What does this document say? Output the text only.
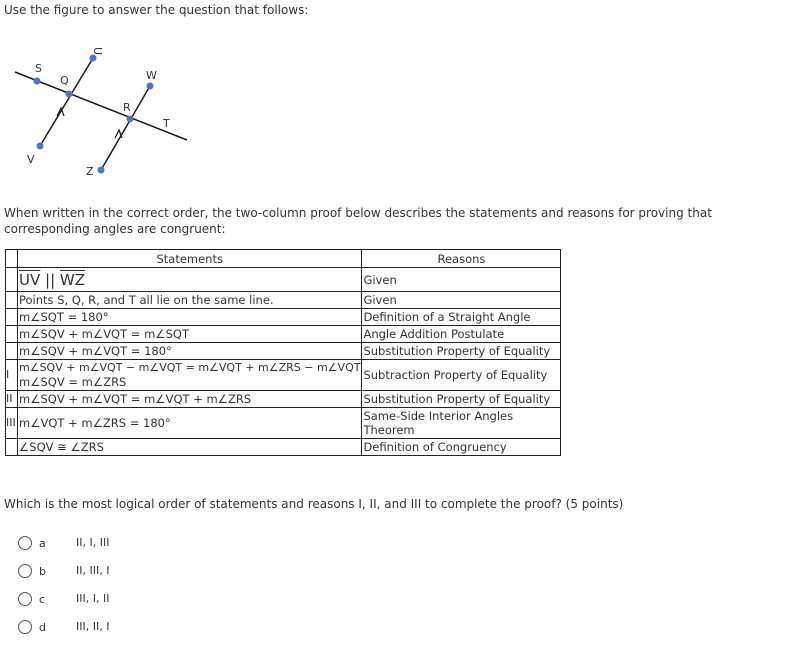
Use the figure to answer the question that follows:
S
Q
U
W
R
T
V
Z
When written in the correct order, the two-column proof below describes the statements and reasons for proving that corresponding angles are congruent:
	Statements	Reasons
	$\overline{UV}$ || $\overline{WZ}$	Given
	Points S, Q, R, and T all lie on the same line.	Given
	m∠SQT = 180°	Definition of a Straight Angle
	m∠SQV + m∠VQT = m∠SQT	Angle Addition Postulate
	m∠SQV + m∠VQT = 180°	Substitution Property of Equality
I	m∠SQV + m∠VQT − m∠VQT = m∠VQT + m∠ZRS − m∠VQT
m∠SQV = m∠ZRS	Subtraction Property of Equality
II	m∠SQV + m∠VQT = m∠VQT + m∠ZRS	Substitution Property of Equality
III	m∠VQT + m∠ZRS = 180°	Same-Side Interior Angles Theorem
	∠SQV ≅ ∠ZRS	Definition of Congruency
Which is the most logical order of statements and reasons I, II, and III to complete the proof? (5 points)
a	II, I, III
b	II, III, I
c	III, I, II
d	III, II, I
